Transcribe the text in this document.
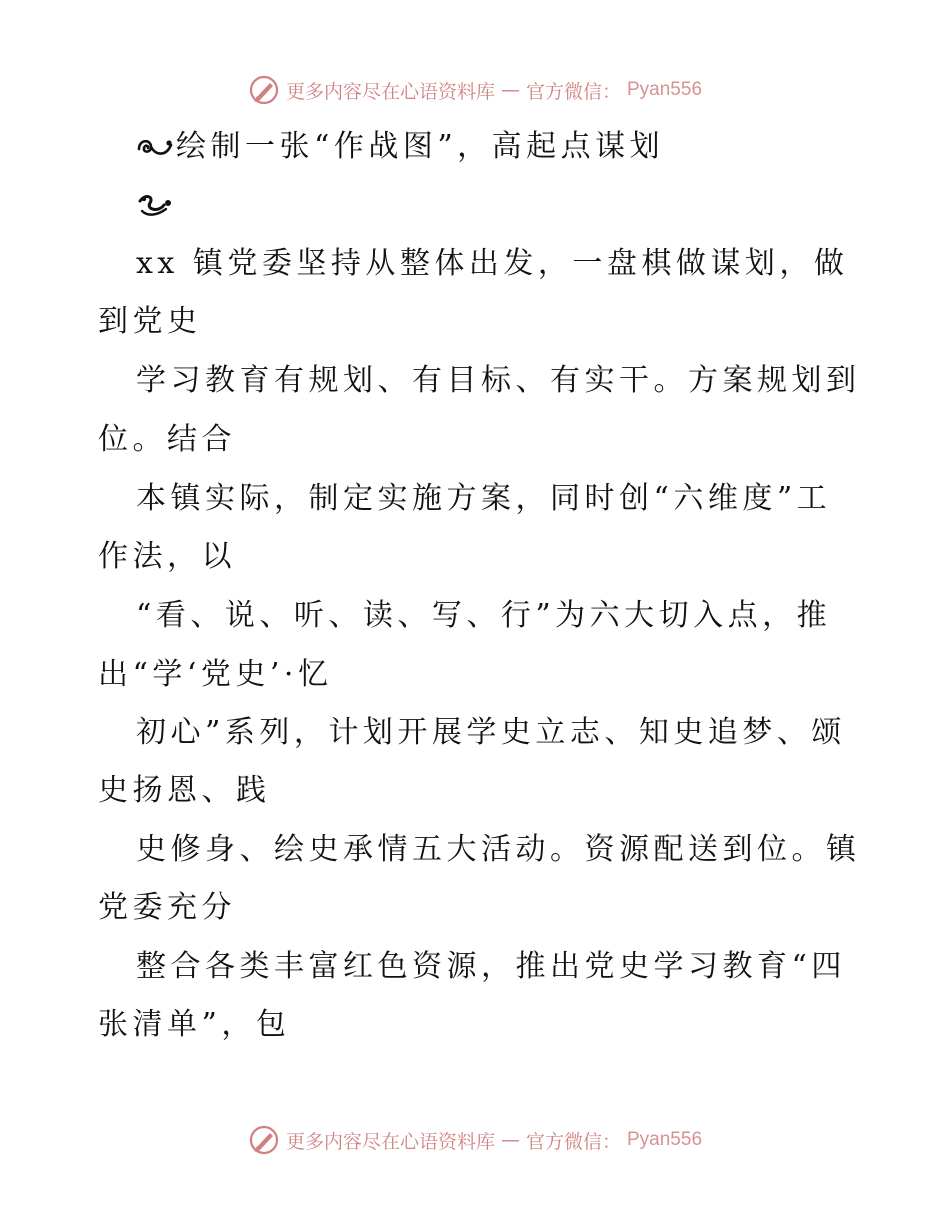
更多内容尽在心语资料库 — 官方微信： Pyan556
绘制一张“作战图”，高起点谋划
xx 镇党委坚持从整体出发，一盘棋做谋划，做
到党史
学习教育有规划、有目标、有实干。方案规划到
位。结合
本镇实际，制定实施方案，同时创“六维度”工
作法，以
“看、说、听、读、写、行”为六大切入点，推
出“学‘党史’·忆
初心”系列，计划开展学史立志、知史追梦、颂
史扬恩、践
史修身、绘史承情五大活动。资源配送到位。镇
党委充分
整合各类丰富红色资源，推出党史学习教育“四
张清单”，包
更多内容尽在心语资料库 — 官方微信： Pyan556
